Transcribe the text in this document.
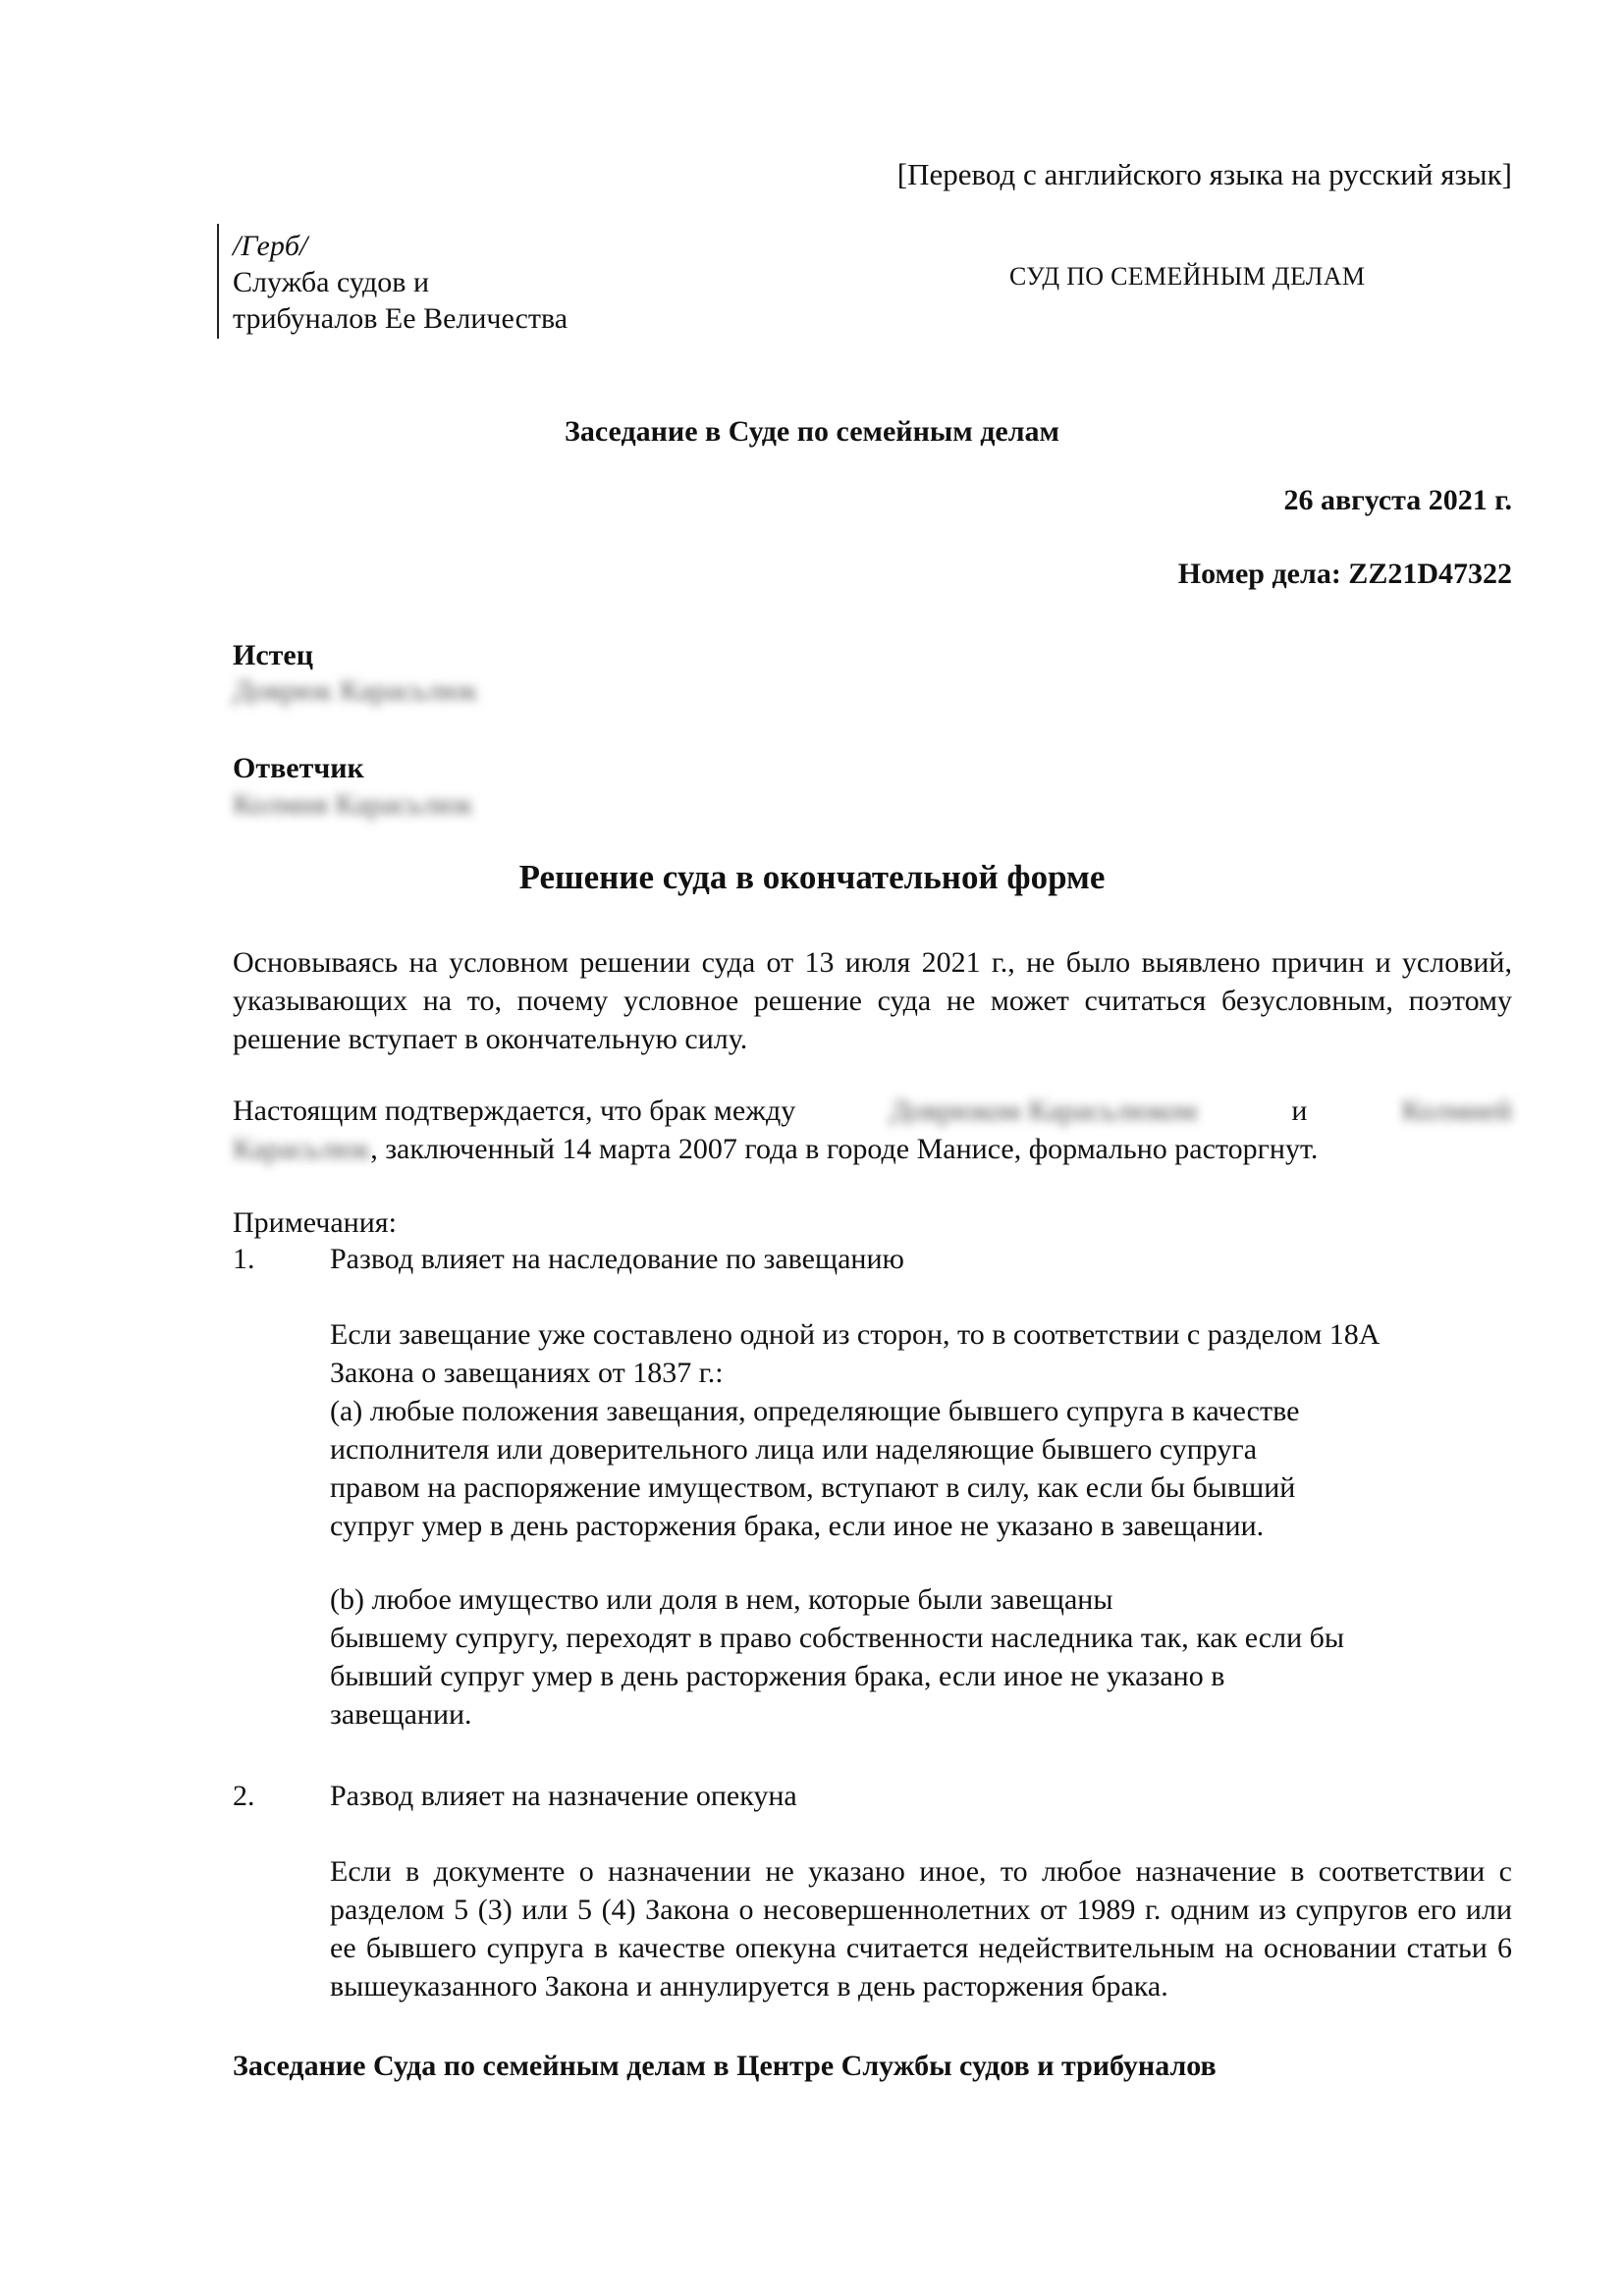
[Перевод с английского языка на русский язык]

/Герб/
Служба судов и
трибуналов Ее Величества

СУД ПО СЕМЕЙНЫМ ДЕЛАМ

Заседание в Суде по семейным делам

26 августа 2021 г.

Номер дела: ZZ21D47322

Истец

Доврюк Карасьлюк

Ответчик

Колмия Карасьлюк

Решение суда в окончательной форме

Основываясь на условном решении суда от 13 июля 2021 г., не было выявлено причин и условий, указывающих на то, почему условное решение суда не может считаться безусловным, поэтому решение вступает в окончательную силу.

Настоящим подтверждается, что брак между	Доврюком Карасьлюком	и	Колмией
Карасьлюк, заключенный 14 марта 2007 года в городе Манисе, формально расторгнут.

Примечания:

1.	Развод влияет на наследование по завещанию

Если завещание уже составлено одной из сторон, то в соответствии с разделом 18А
Закона о завещаниях от 1837 г.:
(a) любые положения завещания, определяющие бывшего супруга в качестве
исполнителя или доверительного лица или наделяющие бывшего супруга
правом на распоряжение имуществом, вступают в силу, как если бы бывший
супруг умер в день расторжения брака, если иное не указано в завещании.
(b) любое имущество или доля в нем, которые были завещаны
бывшему супругу, переходят в право собственности наследника так, как если бы
бывший супруг умер в день расторжения брака, если иное не указано в
завещании.

2.	Развод влияет на назначение опекуна

Если в документе о назначении не указано иное, то любое назначение в соответствии с разделом 5 (3) или 5 (4) Закона о несовершеннолетних от 1989 г. одним из супругов его или ее бывшего супруга в качестве опекуна считается недействительным на основании статьи 6 вышеуказанного Закона и аннулируется в день расторжения брака.

Заседание Суда по семейным делам в Центре Службы судов и трибуналов
